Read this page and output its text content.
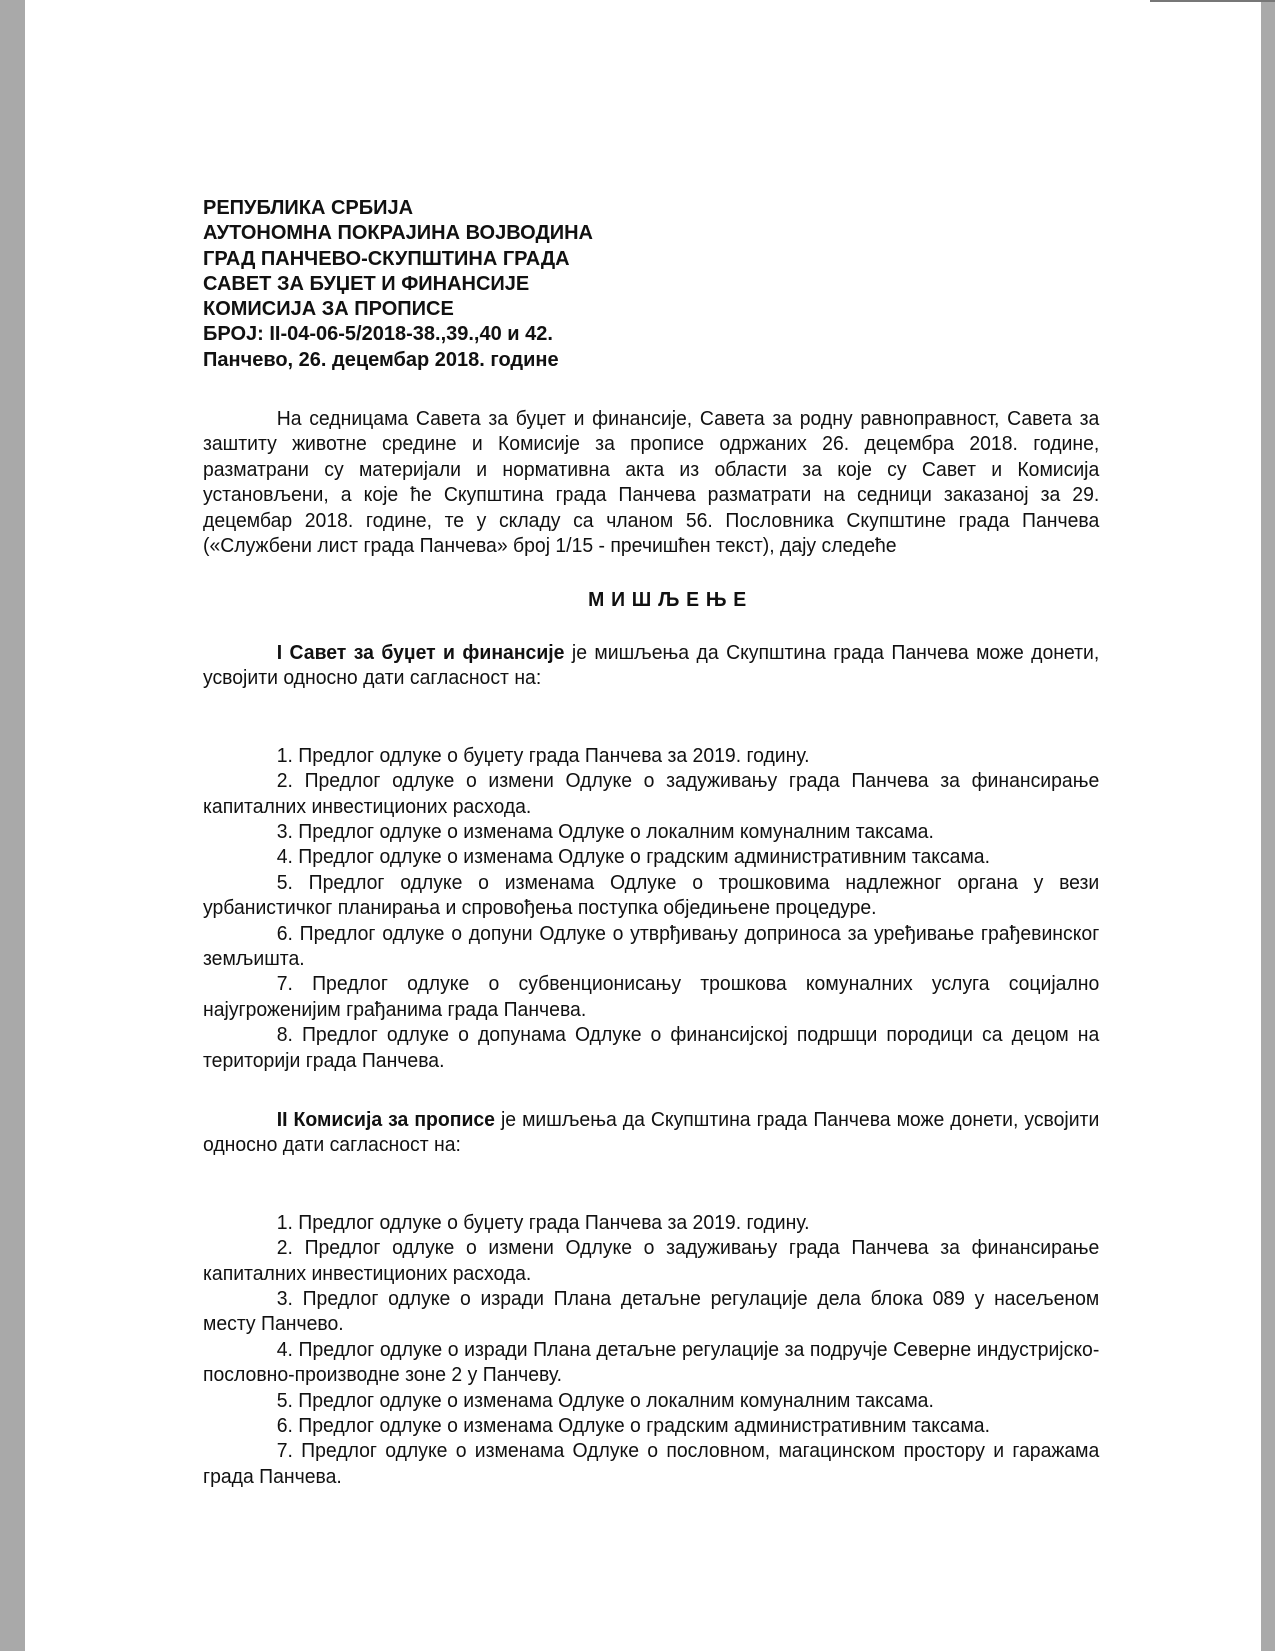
РЕПУБЛИКА СРБИЈА
АУТОНОМНА ПОКРАЈИНА ВОЈВОДИНА
ГРАД ПАНЧЕВО-СКУПШТИНА ГРАДА
САВЕТ ЗА БУЏЕТ И ФИНАНСИЈЕ
КОМИСИЈА ЗА ПРОПИСЕ
БРОЈ: II-04-06-5/2018-38.,39.,40 и 42.
Панчево, 26. децембар 2018. године

На седницама Савета за буџет и финансије, Савета за родну равноправност, Савета за заштиту животне средине и Комисије за прописе одржаних 26. децембра 2018. године, разматрани су материјали и нормативна акта из области за које су Савет и Комисија установљени, а које ће Скупштина града Панчева разматрати на седници заказаној за 29. децембар 2018. године, те у складу са чланом 56. Пословника Скупштине града Панчева («Службени лист града Панчева» број 1/15 - пречишћен текст), дају следеће

МИШЉЕЊЕ

I Савет за буџет и финансије је мишљења да Скупштина града Панчева може донети, усвојити односно дати сагласност на:

1. Предлог одлуке о буџету града Панчева за 2019. годину.
2. Предлог одлуке о измени Одлуке о задуживању града Панчева за финансирање капиталних инвестиционих расхода.
3. Предлог одлуке о изменама Одлуке о локалним комуналним таксама.
4. Предлог одлуке о изменама Одлуке о градским административним таксама.
5. Предлог одлуке о изменама Одлуке о трошковима надлежног органа у вези урбанистичког планирања и спровођења поступка обједињене процедуре.
6. Предлог одлуке о допуни Одлуке о утврђивању доприноса за уређивање грађевинског земљишта.
7. Предлог одлуке о субвенционисању трошкова комуналних услуга социјално најугроженијим грађанима града Панчева.
8. Предлог одлуке о допунама Одлуке о финансијској подршци породици са децом на територији града Панчева.

II Комисија за прописе је мишљења да Скупштина града Панчева може донети, усвојити односно дати сагласност на:

1. Предлог одлуке о буџету града Панчева за 2019. годину.
2. Предлог одлуке о измени Одлуке о задуживању града Панчева за финансирање капиталних инвестиционих расхода.
3. Предлог одлуке о изради Плана детаљне регулације дела блока 089 у насељеном месту Панчево.
4. Предлог одлуке о изради Плана детаљне регулације за подручје Северне индустријско-пословно-производне зоне 2 у Панчеву.
5. Предлог одлуке о изменама Одлуке о локалним комуналним таксама.
6. Предлог одлуке о изменама Одлуке о градским административним таксама.
7. Предлог одлуке о изменама Одлуке о пословном, магацинском простору и гаражама града Панчева.
